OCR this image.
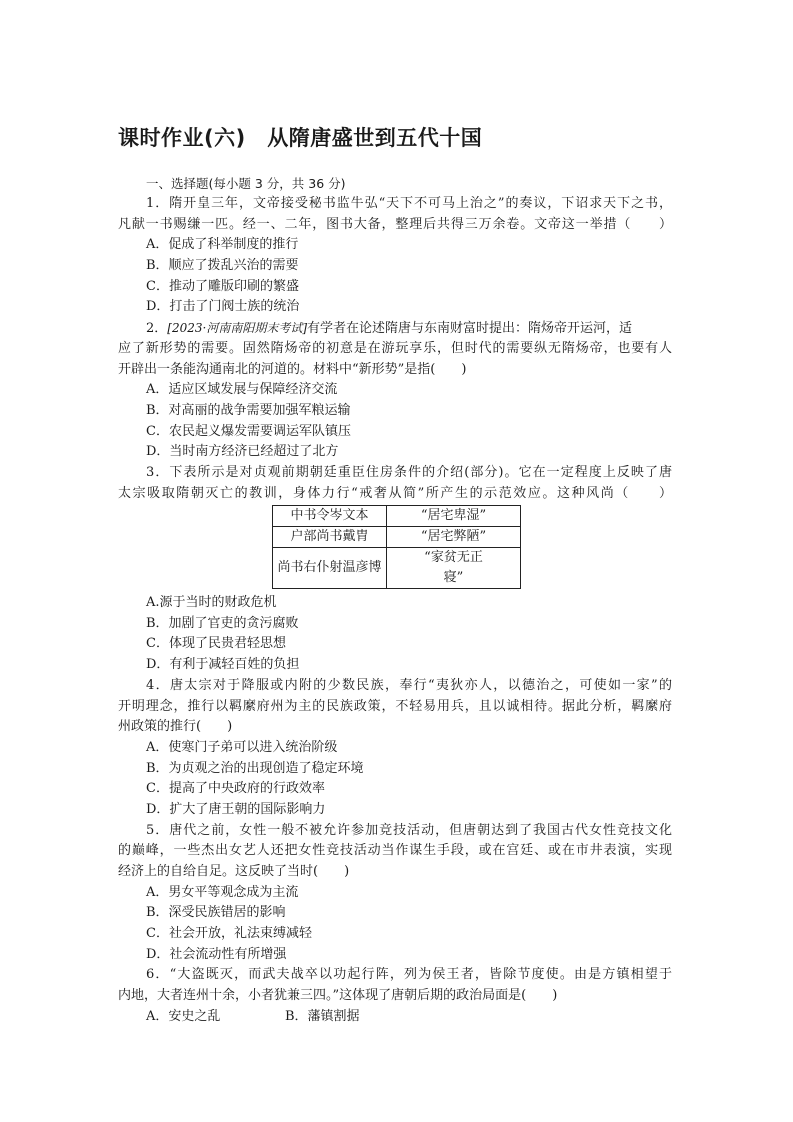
课时作业(六)　从隋唐盛世到五代十国
一、选择题(每小题 3 分，共 36 分)
1．隋开皇三年，文帝接受秘书监牛弘“天下不可马上治之”的奏议，下诏求天下之书，
凡献一书赐缣一匹。经一、二年，图书大备，整理后共得三万余卷。文帝这一举措（　　）
A．促成了科举制度的推行
B．顺应了拨乱兴治的需要
C．推动了雕版印刷的繁盛
D．打击了门阀士族的统治
2．[2023·河南南阳期末考试]有学者在论述隋唐与东南财富时提出：隋炀帝开运河，适
应了新形势的需要。固然隋炀帝的初意是在游玩享乐，但时代的需要纵无隋炀帝，也要有人
开辟出一条能沟通南北的河道的。材料中“新形势”是指(　　)
A．适应区域发展与保障经济交流
B．对高丽的战争需要加强军粮运输
C．农民起义爆发需要调运军队镇压
D．当时南方经济已经超过了北方
3．下表所示是对贞观前期朝廷重臣住房条件的介绍(部分)。它在一定程度上反映了唐
太宗吸取隋朝灭亡的教训，身体力行“戒奢从简”所产生的示范效应。这种风尚（　　）
中书令岑文本	“居宅卑湿”
户部尚书戴胄	“居宅弊陋”
尚书右仆射温彦博	“家贫无正
寝”
A.源于当时的财政危机
B．加剧了官吏的贪污腐败
C．体现了民贵君轻思想
D．有利于减轻百姓的负担
4．唐太宗对于降服或内附的少数民族，奉行“夷狄亦人，以德治之，可使如一家”的
开明理念，推行以羁縻府州为主的民族政策，不轻易用兵，且以诚相待。据此分析，羁縻府
州政策的推行(　　)
A．使寒门子弟可以进入统治阶级
B．为贞观之治的出现创造了稳定环境
C．提高了中央政府的行政效率
D．扩大了唐王朝的国际影响力
5．唐代之前，女性一般不被允许参加竞技活动，但唐朝达到了我国古代女性竞技文化
的巅峰，一些杰出女艺人还把女性竞技活动当作谋生手段，或在宫廷、或在市井表演，实现
经济上的自给自足。这反映了当时(　　)
A．男女平等观念成为主流
B．深受民族错居的影响
C．社会开放，礼法束缚减轻
D．社会流动性有所增强
6．“大盗既灭，而武夫战卒以功起行阵，列为侯王者，皆除节度使。由是方镇相望于
内地，大者连州十余，小者犹兼三四。”这体现了唐朝后期的政治局面是(　　)
A．安史之乱	B．藩镇割据
